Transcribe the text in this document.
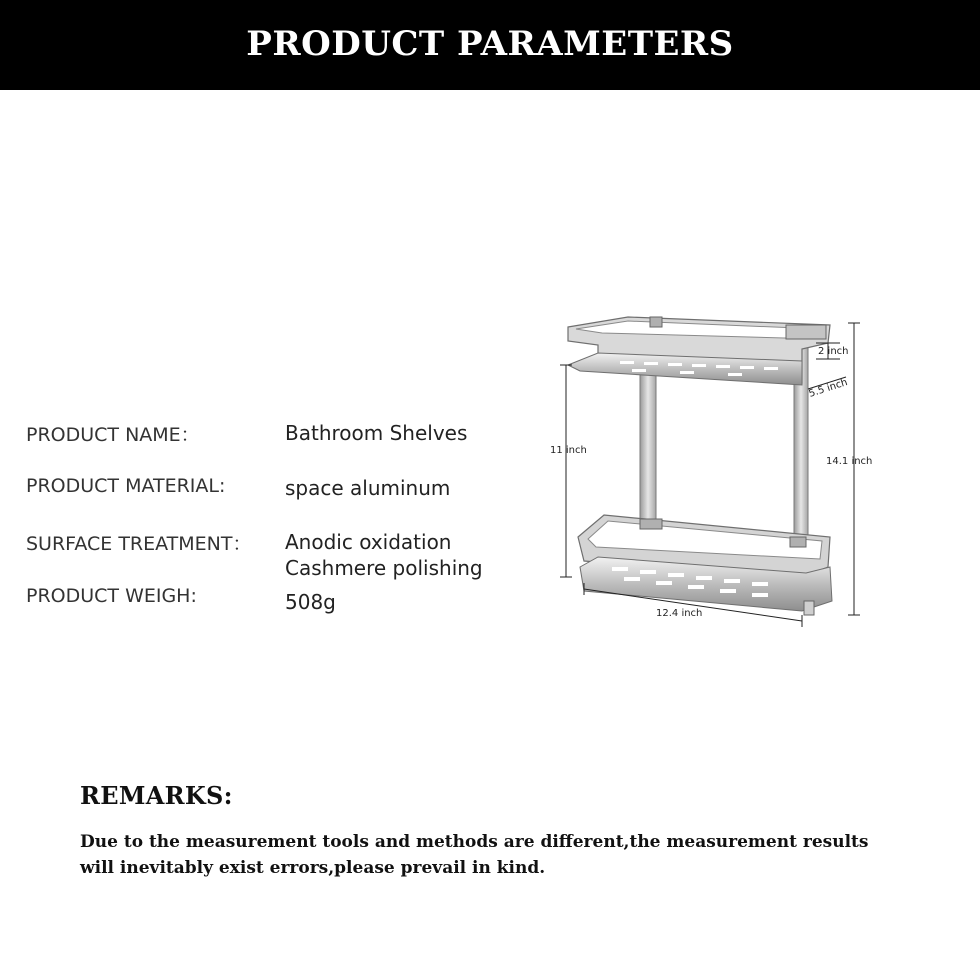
PRODUCT PARAMETERS
PRODUCT NAME：	Bathroom Shelves
PRODUCT MATERIAL:	space aluminum
SURFACE TREATMENT： Anodic oxidation
Cashmere polishing
PRODUCT WEIGH:	508g
2 inch
5.5 inch
11 inch
14.1 inch
12.4 inch
REMARKS:
Due to the measurement tools and methods are different,the measurement results
will inevitably exist errors,please prevail in kind.
